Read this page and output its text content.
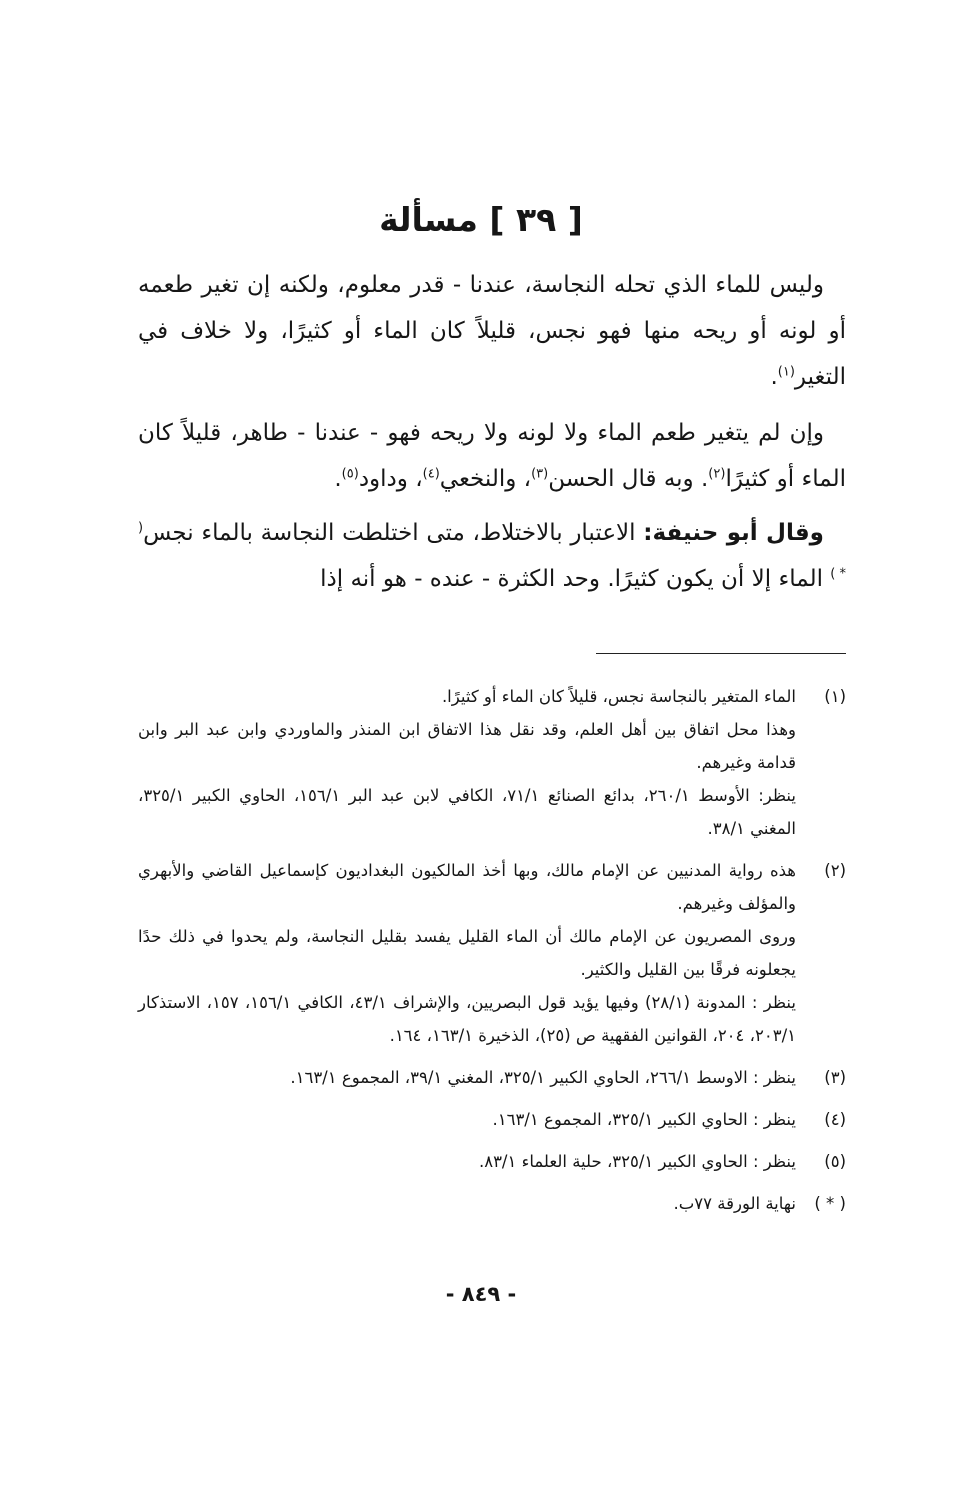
[ ٣٩ ] مسألة

وليس للماء الذي تحله النجاسة، عندنا - قدر معلوم، ولكنه إن تغير طعمه أو لونه أو ريحه منها فهو نجس، قليلاً كان الماء أو كثيرًا، ولا خلاف في التغير$^{(١)}$.

وإن لم يتغير طعم الماء ولا لونه ولا ريحه فهو - عندنا - طاهر، قليلاً كان الماء أو كثيرًا$^{(٢)}$. وبه قال الحسن$^{(٣)}$، والنخعي$^{(٤)}$، وداود$^{(٥)}$.

وقال أبو حنيفة: الاعتبار بالاختلاط، متى اختلطت النجاسة بالماء نجس( * ) الماء إلا أن يكون كثيرًا. وحد الكثرة - عنده - هو أنه إذا

(١)
الماء المتغير بالنجاسة نجس، قليلاً كان الماء أو كثيرًا.
وهذا محل اتفاق بين أهل العلم، وقد نقل هذا الاتفاق ابن المنذر والماوردي وابن عبد البر وابن قدامة وغيرهم.
ينظر: الأوسط ٢٦٠/١، بدائع الصنائع ٧١/١، الكافي لابن عبد البر ١٥٦/١، الحاوي الكبير ٣٢٥/١، المغني ٣٨/١.
(٢)
هذه رواية المدنيين عن الإمام مالك، وبها أخذ المالكيون البغداديون كإسماعيل القاضي والأبهري والمؤلف وغيرهم.
وروى المصريون عن الإمام مالك أن الماء القليل يفسد بقليل النجاسة، ولم يحدوا في ذلك حدًا يجعلونه فرقًا بين القليل والكثير.
ينظر : المدونة (٢٨/١) وفيها يؤيد قول البصريين، والإشراف ٤٣/١، الكافي ١٥٦/١، ١٥٧، الاستذكار ٢٠٣/١، ٢٠٤، القوانين الفقهية ص (٢٥)، الذخيرة ١٦٣/١، ١٦٤.
(٣)
ينظر : الاوسط ٢٦٦/١، الحاوي الكبير ٣٢٥/١، المغني ٣٩/١، المجموع ١٦٣/١.
(٤)
ينظر : الحاوي الكبير ٣٢٥/١، المجموع ١٦٣/١.
(٥)
ينظر : الحاوي الكبير ٣٢٥/١، حلية العلماء ٨٣/١.
( * )
نهاية الورقة ٧٧ب.
- ٨٤٩ -
